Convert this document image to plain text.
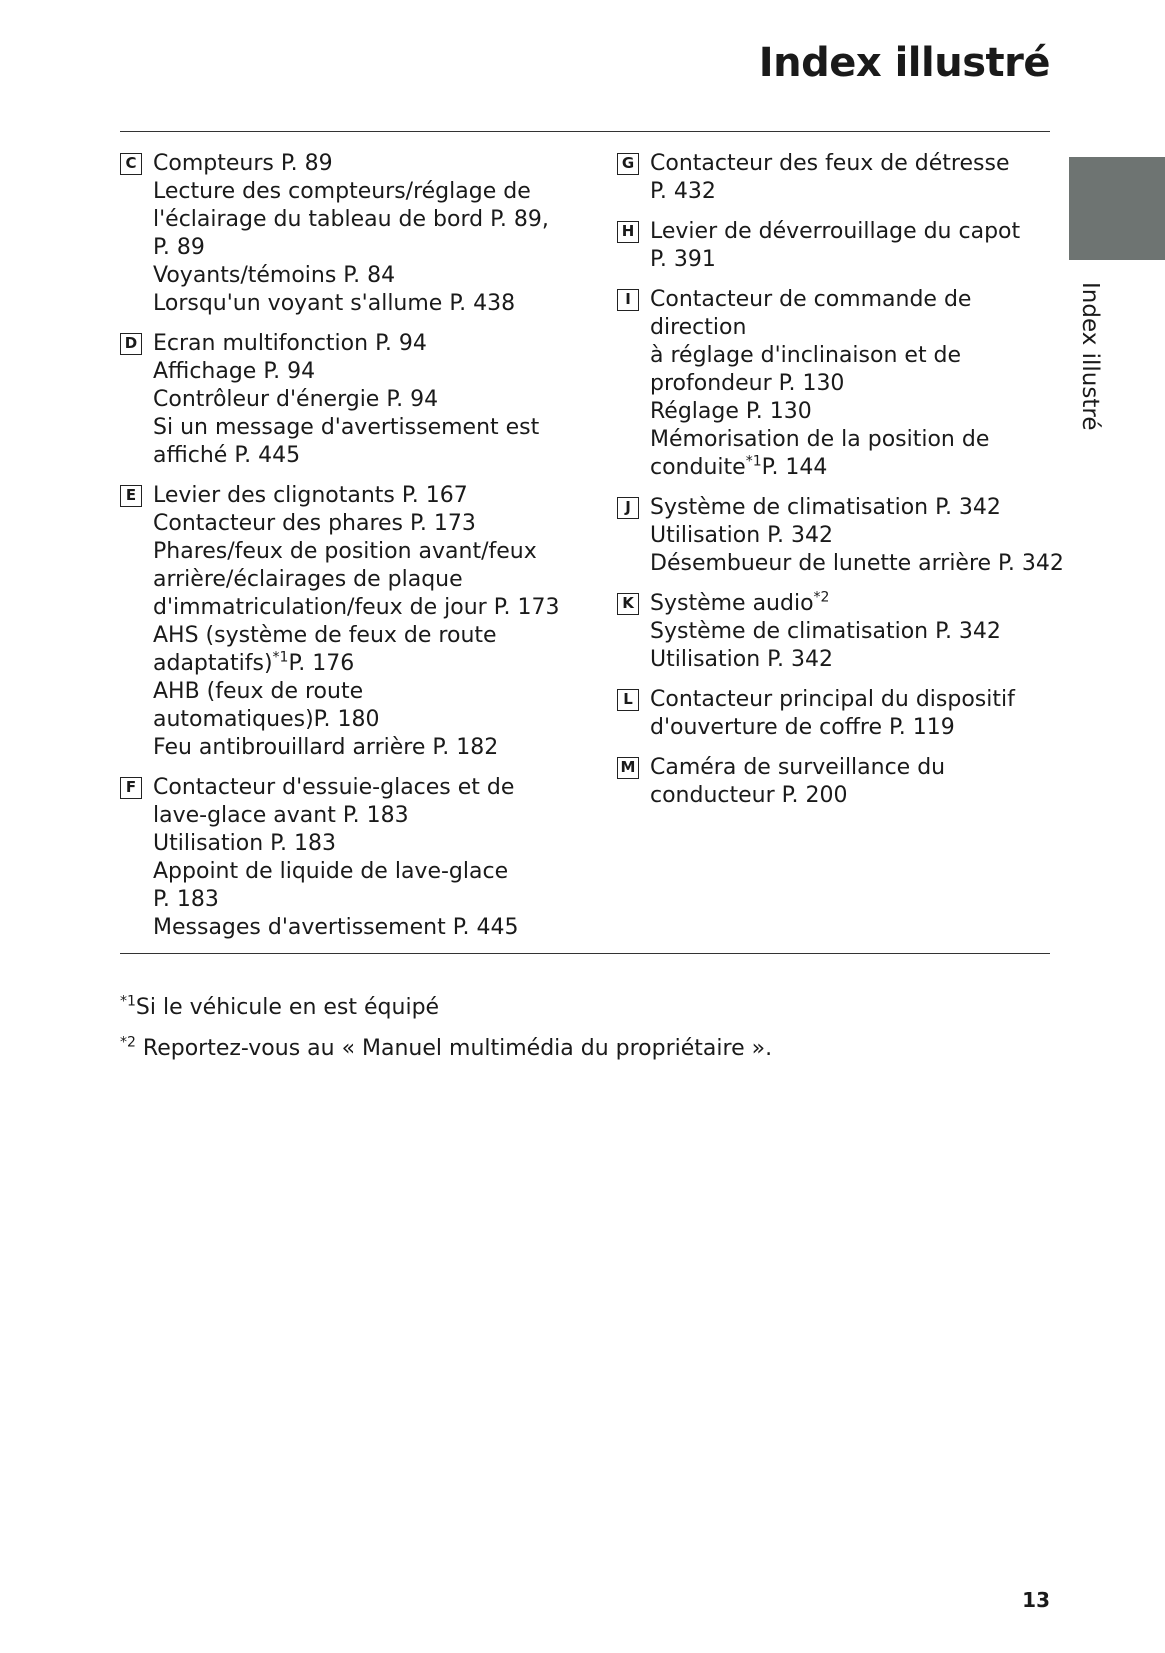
Index illustré
Index illustré
C Compteurs P. 89
Lecture des compteurs/réglage de
l'éclairage du tableau de bord P. 89,
P. 89
Voyants/témoins P. 84
Lorsqu'un voyant s'allume P. 438
D Ecran multifonction P. 94
Affichage P. 94
Contrôleur d'énergie P. 94
Si un message d'avertissement est
affiché P. 445
E Levier des clignotants P. 167
Contacteur des phares P. 173
Phares/feux de position avant/feux
arrière/éclairages de plaque
d'immatriculation/feux de jour P. 173
AHS (système de feux de route
adaptatifs)$^{*1}$P. 176
AHB (feux de route
automatiques)P. 180
Feu antibrouillard arrière P. 182
F Contacteur d'essuie-glaces et de
lave-glace avant P. 183
Utilisation P. 183
Appoint de liquide de lave-glace
P. 183
Messages d'avertissement P. 445
G Contacteur des feux de détresse
P. 432
H Levier de déverrouillage du capot
P. 391
I Contacteur de commande de direction
à réglage d'inclinaison et de
profondeur P. 130
Réglage P. 130
Mémorisation de la position de
conduite$^{*1}$P. 144
J Système de climatisation P. 342
Utilisation P. 342
Désembueur de lunette arrière P. 342
K Système audio$^{*2}$
Système de climatisation P. 342
Utilisation P. 342
L Contacteur principal du dispositif
d'ouverture de coffre P. 119
M Caméra de surveillance du
conducteur P. 200
$^{*1}$Si le véhicule en est équipé
$^{*2}$ Reportez-vous au « Manuel multimédia du propriétaire ».
13
